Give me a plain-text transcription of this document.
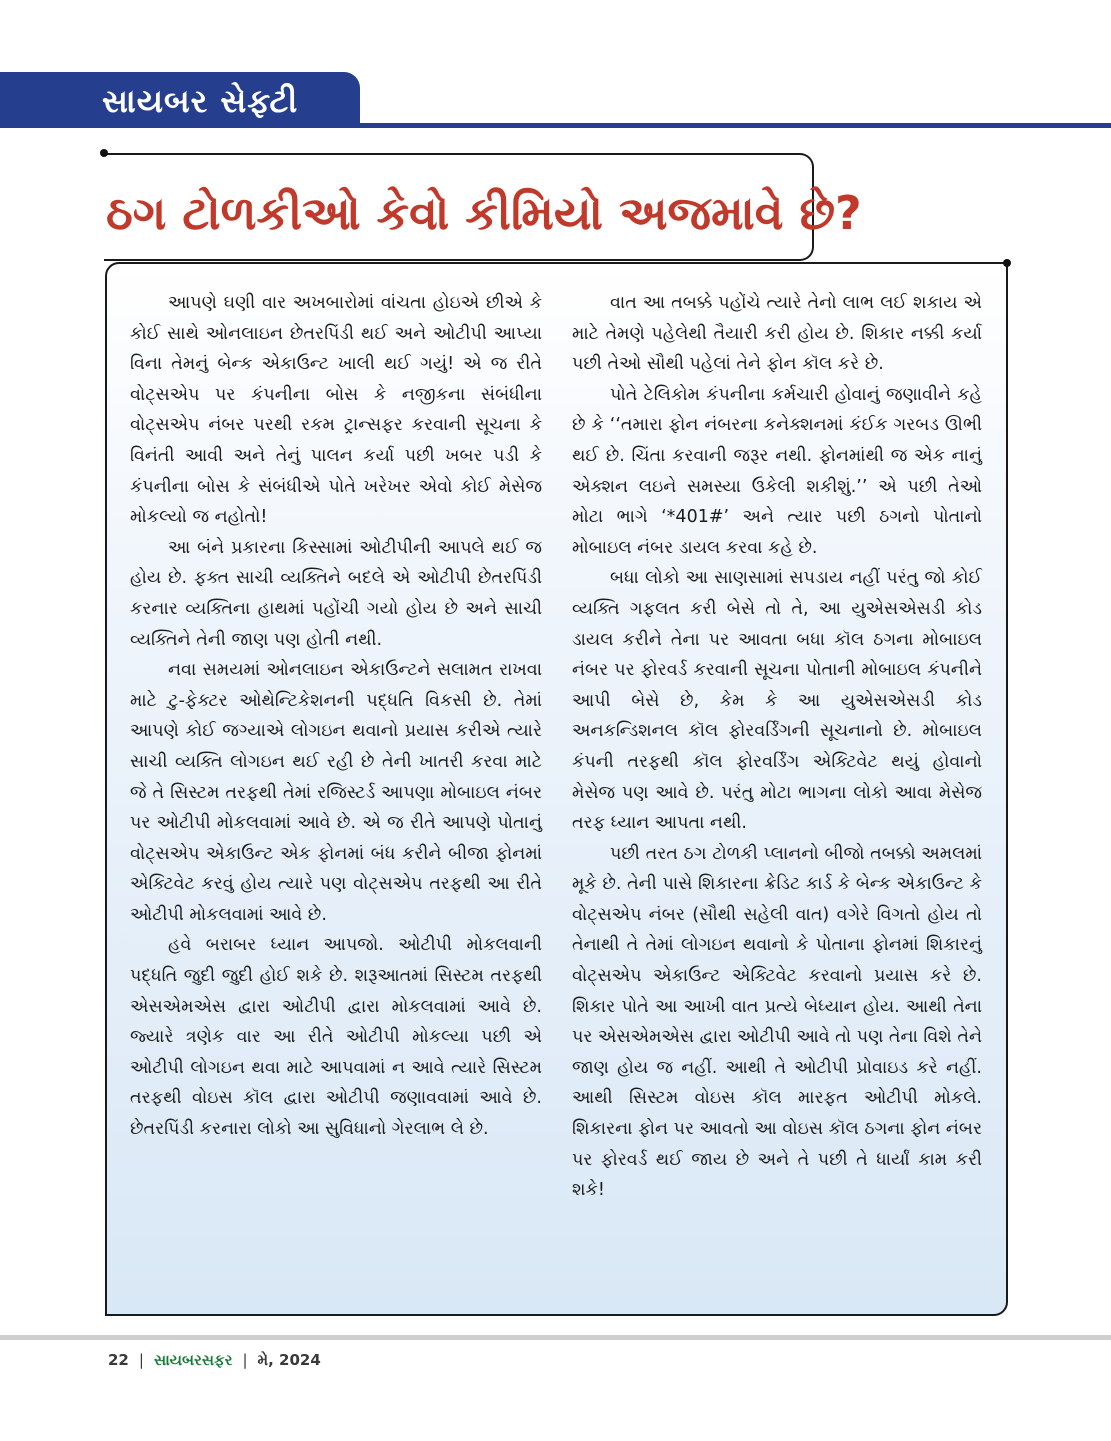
સાયબર સેફ્ટી
ઠગ ટોળકીઓ કેવો કીમિયો અજમાવે છે?

આપણે ઘણી વાર અખબારોમાં વાંચતા હોઇએ છીએ કે કોઈ સાથે ઓનલાઇન છેતરપિંડી થઈ અને ઓટીપી આપ્યા વિના તેમનું બેન્ક એકાઉન્ટ ખાલી થઈ ગયું! એ જ રીતે વોટ્સએપ પર કંપનીના બોસ કે નજીકના સંબંધીના વોટ્સએપ નંબર પરથી રકમ ટ્રાન્સફર કરવાની સૂચના કે વિનંતી આવી અને તેનું પાલન કર્યા પછી ખબર પડી કે કંપનીના બોસ કે સંબંધીએ પોતે ખરેખર એવો કોઈ મેસેજ મોકલ્યો જ નહોતો!

આ બંને પ્રકારના કિસ્સામાં ઓટીપીની આપલે થઈ જ હોય છે. ફક્ત સાચી વ્યક્તિને બદલે એ ઓટીપી છેતરપિંડી કરનાર વ્યક્તિના હાથમાં પહોંચી ગયો હોય છે અને સાચી વ્યક્તિને તેની જાણ પણ હોતી નથી.

નવા સમયમાં ઓનલાઇન એકાઉન્ટને સલામત રાખવા માટે ટુ-ફેક્ટર ઓથેન્ટિકેશનની પદ્ધતિ વિકસી છે. તેમાં આપણે કોઈ જગ્યાએ લોગઇન થવાનો પ્રયાસ કરીએ ત્યારે સાચી વ્યક્તિ લોગઇન થઈ રહી છે તેની ખાતરી કરવા માટે જે તે સિસ્ટમ તરફથી તેમાં રજિસ્ટર્ડ આપણા મોબાઇલ નંબર પર ઓટીપી મોકલવામાં આવે છે. એ જ રીતે આપણે પોતાનું વોટ્સએપ એકાઉન્ટ એક ફોનમાં બંધ કરીને બીજા ફોનમાં એક્ટિવેટ કરવું હોય ત્યારે પણ વોટ્સએપ તરફથી આ રીતે ઓટીપી મોકલવામાં આવે છે.

હવે બરાબર ધ્યાન આપજો. ઓટીપી મોકલવાની પદ્ધતિ જુદી જુદી હોઈ શકે છે. શરૂઆતમાં સિસ્ટમ તરફથી એસએમએસ દ્વારા ઓટીપી દ્વારા મોકલવામાં આવે છે. જ્યારે ત્રણેક વાર આ રીતે ઓટીપી મોકલ્યા પછી એ ઓટીપી લોગઇન થવા માટે આપવામાં ન આવે ત્યારે સિસ્ટમ તરફથી વોઇસ કૉલ દ્વારા ઓટીપી જણાવવામાં આવે છે. છેતરપિંડી કરનારા લોકો આ સુવિધાનો ગેરલાભ લે છે.

વાત આ તબક્કે પહોંચે ત્યારે તેનો લાભ લઈ શકાય એ માટે તેમણે પહેલેથી તૈયારી કરી હોય છે. શિકાર નક્કી કર્યા પછી તેઓ સૌથી પહેલાં તેને ફોન કૉલ કરે છે.

પોતે ટેલિકોમ કંપનીના કર્મચારી હોવાનું જણાવીને કહે છે કે ‘‘તમારા ફોન નંબરના કનેક્શનમાં કંઈક ગરબડ ઊભી થઈ છે. ચિંતા કરવાની જરૂર નથી. ફોનમાંથી જ એક નાનું એક્શન લઇને સમસ્યા ઉકેલી શકીશું.’’ એ પછી તેઓ મોટા ભાગે ‘*401#’ અને ત્યાર પછી ઠગનો પોતાનો મોબાઇલ નંબર ડાયલ કરવા કહે છે.

બધા લોકો આ સાણસામાં સપડાય નહીં પરંતુ જો કોઈ વ્યક્તિ ગફલત કરી બેસે તો તે, આ યુએસએસડી કોડ ડાયલ કરીને તેના પર આવતા બધા કૉલ ઠગના મોબાઇલ નંબર પર ફોરવર્ડ કરવાની સૂચના પોતાની મોબાઇલ કંપનીને આપી બેસે છે, કેમ કે આ યુએસએસડી કોડ અનકન્ડિશનલ કૉલ ફોરવર્ડિંગની સૂચનાનો છે. મોબાઇલ કંપની તરફથી કૉલ ફોરવર્ડિંગ એક્ટિવેટ થયું હોવાનો મેસેજ પણ આવે છે. પરંતુ મોટા ભાગના લોકો આવા મેસેજ તરફ ધ્યાન આપતા નથી.

પછી તરત ઠગ ટોળકી પ્લાનનો બીજો તબક્કો અમલમાં મૂકે છે. તેની પાસે શિકારના ક્રેડિટ કાર્ડ કે બેન્ક એકાઉન્ટ કે વોટ્સએપ નંબર (સૌથી સહેલી વાત) વગેરે વિગતો હોય તો તેનાથી તે તેમાં લોગઇન થવાનો કે પોતાના ફોનમાં શિકારનું વોટ્સએપ એકાઉન્ટ એક્ટિવેટ કરવાનો પ્રયાસ કરે છે. શિકાર પોતે આ આખી વાત પ્રત્યે બેધ્યાન હોય. આથી તેના પર એસએમએસ દ્વારા ઓટીપી આવે તો પણ તેના વિશે તેને જાણ હોય જ નહીં. આથી તે ઓટીપી પ્રોવાઇડ કરે નહીં. આથી સિસ્ટમ વોઇસ કૉલ મારફત ઓટીપી મોકલે. શિકારના ફોન પર આવતો આ વોઇસ કૉલ ઠગના ફોન નંબર પર ફોરવર્ડ થઈ જાય છે અને તે પછી તે ધાર્યાં કામ કરી શકે!

22 | સાયબરસફર | મે, 2024
